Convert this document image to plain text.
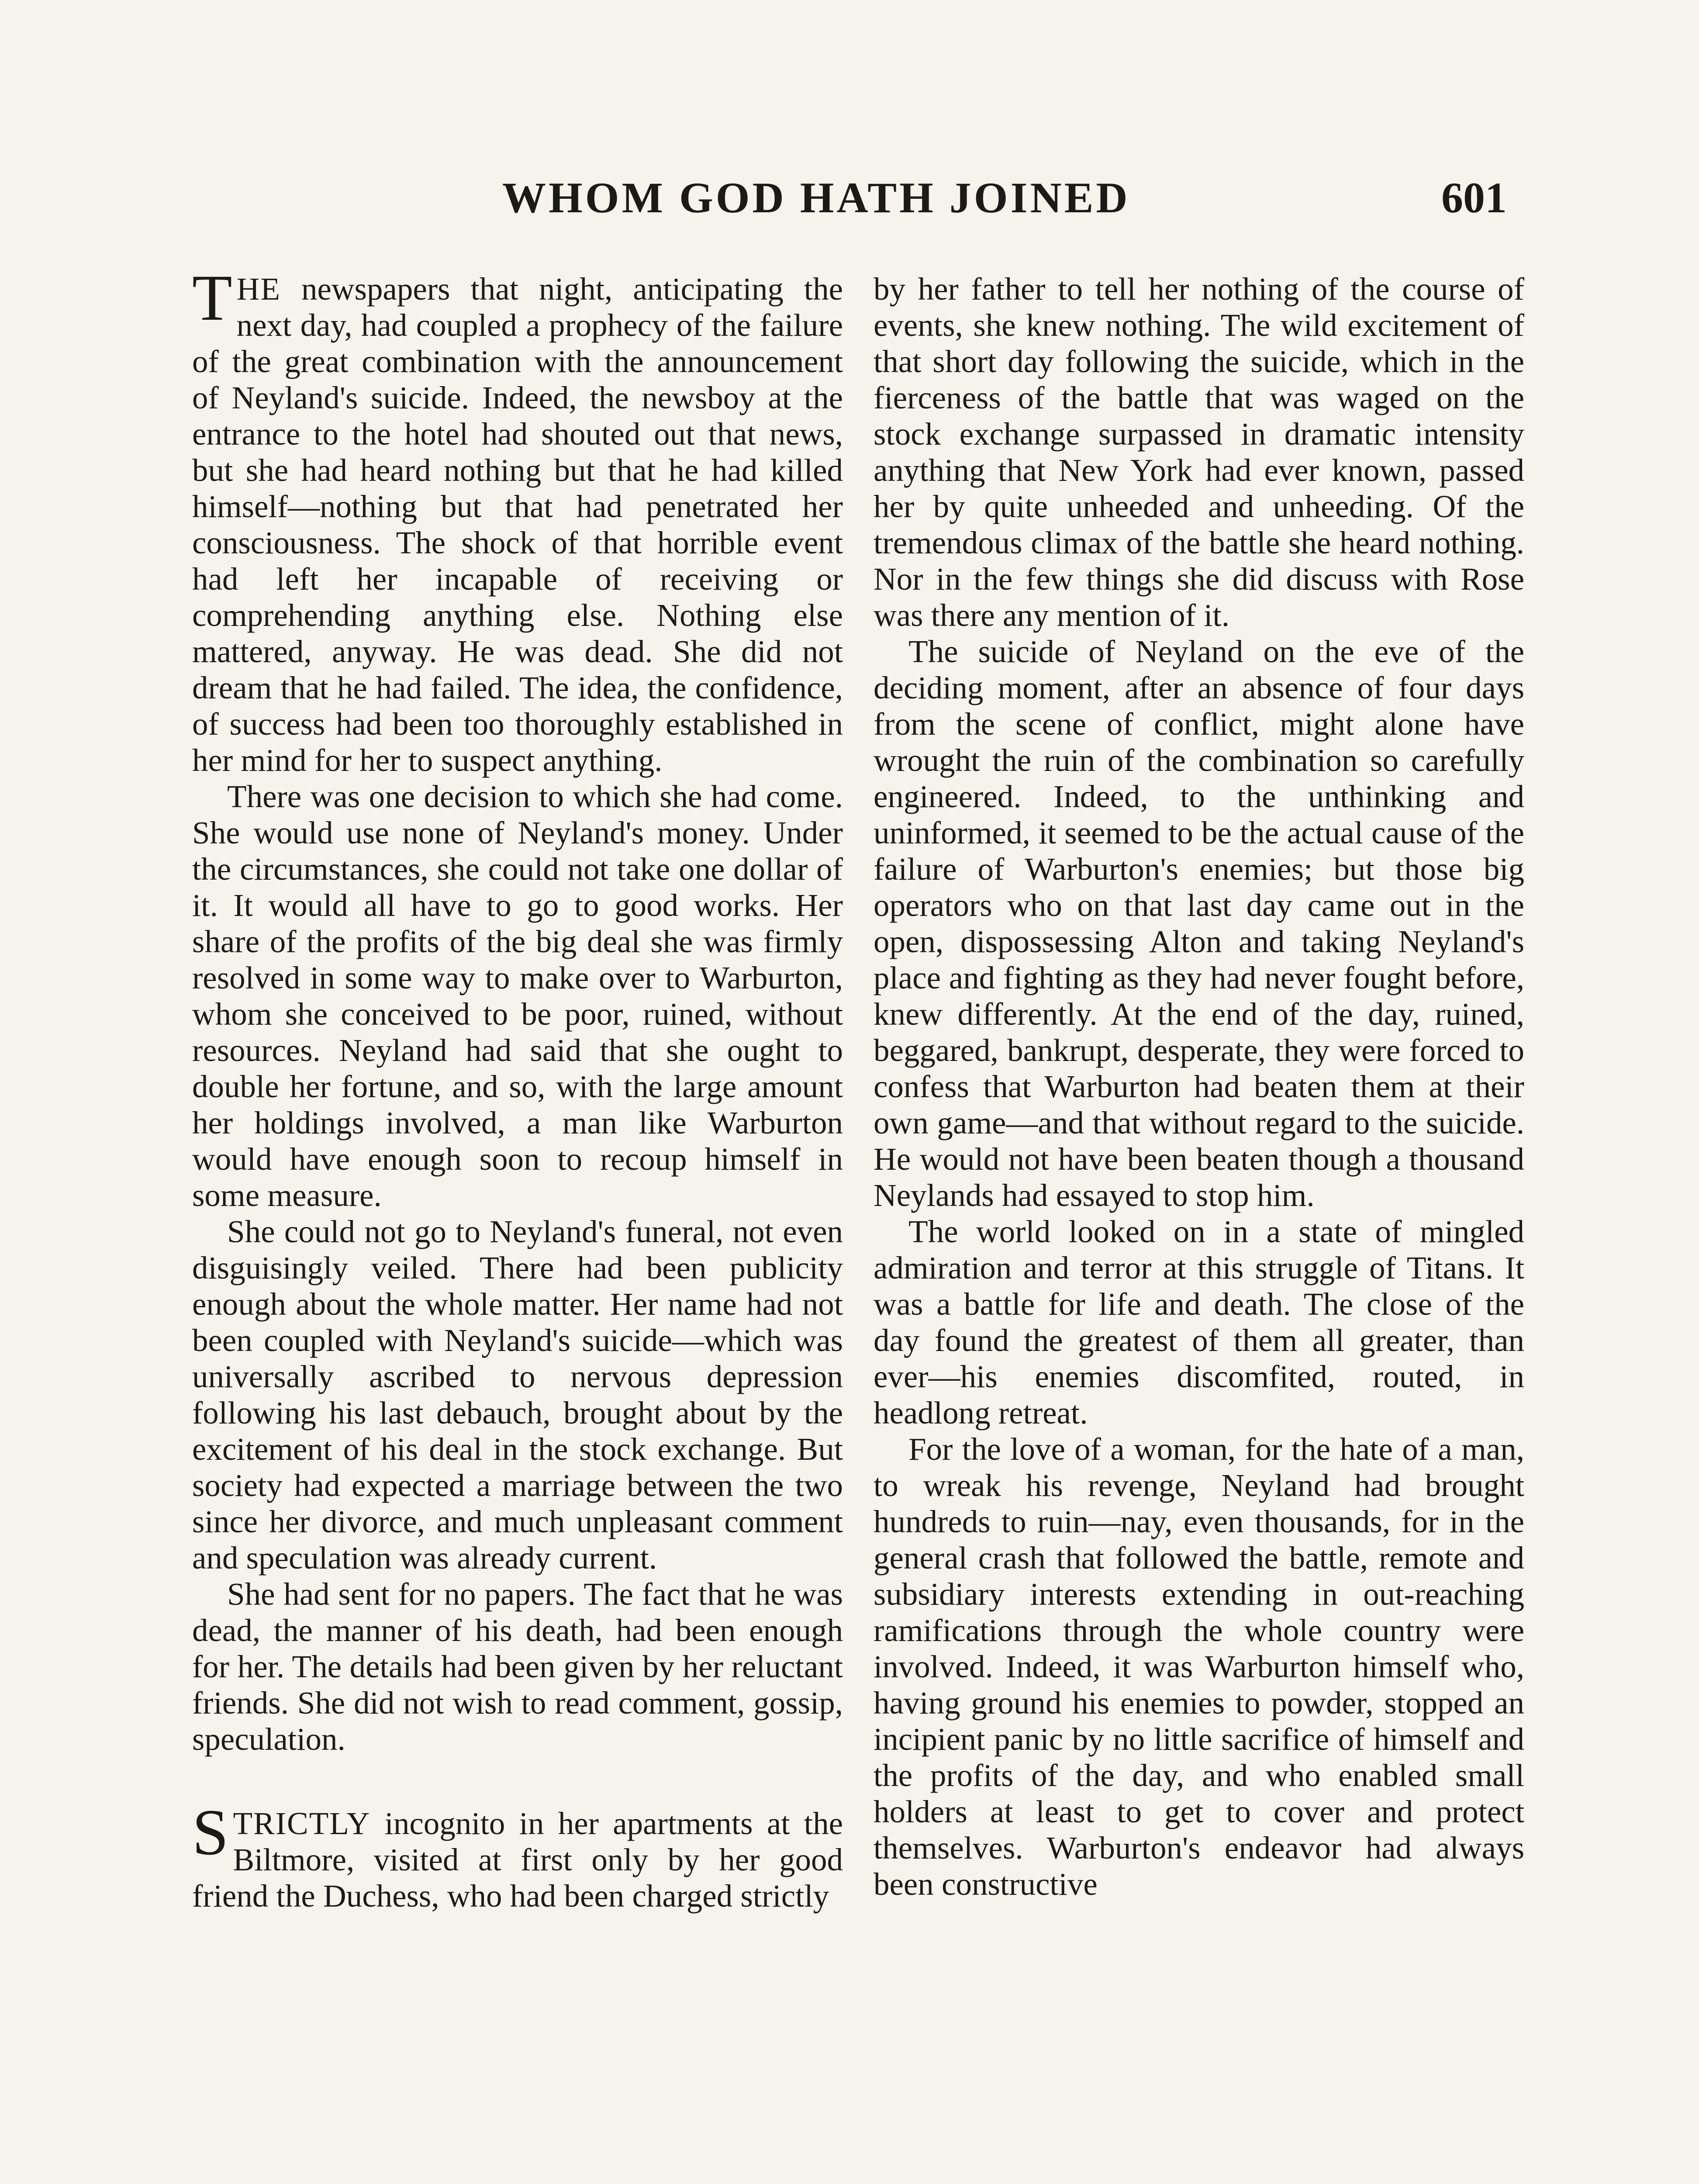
WHOM GOD HATH JOINED	601

THE newspapers that night, anticipating the next day, had coupled a prophecy of the failure of the great combination with the announcement of Neyland's suicide. Indeed, the newsboy at the entrance to the hotel had shouted out that news, but she had heard nothing but that he had killed himself—nothing but that had penetrated her consciousness. The shock of that horrible event had left her incapable of receiving or comprehending anything else. Nothing else mattered, anyway. He was dead. She did not dream that he had failed. The idea, the confidence, of success had been too thoroughly established in her mind for her to suspect anything.

There was one decision to which she had come. She would use none of Neyland's money. Under the circumstances, she could not take one dollar of it. It would all have to go to good works. Her share of the profits of the big deal she was firmly resolved in some way to make over to Warburton, whom she conceived to be poor, ruined, without resources. Neyland had said that she ought to double her fortune, and so, with the large amount her holdings involved, a man like Warburton would have enough soon to recoup himself in some measure.

She could not go to Neyland's funeral, not even disguisingly veiled. There had been publicity enough about the whole matter. Her name had not been coupled with Neyland's suicide—which was universally ascribed to nervous depression following his last debauch, brought about by the excitement of his deal in the stock exchange. But society had expected a marriage between the two since her divorce, and much unpleasant comment and speculation was already current.

She had sent for no papers. The fact that he was dead, the manner of his death, had been enough for her. The details had been given by her reluctant friends. She did not wish to read comment, gossip, speculation.

STRICTLY incognito in her apartments at the Biltmore, visited at first only by her good friend the Duchess, who had been charged strictly

by her father to tell her nothing of the course of events, she knew nothing. The wild excitement of that short day following the suicide, which in the fierceness of the battle that was waged on the stock exchange surpassed in dramatic intensity anything that New York had ever known, passed her by quite unheeded and unheeding. Of the tremendous climax of the battle she heard nothing. Nor in the few things she did discuss with Rose was there any mention of it.

The suicide of Neyland on the eve of the deciding moment, after an absence of four days from the scene of conflict, might alone have wrought the ruin of the combination so carefully engineered. Indeed, to the unthinking and uninformed, it seemed to be the actual cause of the failure of Warburton's enemies; but those big operators who on that last day came out in the open, dispossessing Alton and taking Neyland's place and fighting as they had never fought before, knew differently. At the end of the day, ruined, beggared, bankrupt, desperate, they were forced to confess that Warburton had beaten them at their own game—and that without regard to the suicide. He would not have been beaten though a thousand Neylands had essayed to stop him.

The world looked on in a state of mingled admiration and terror at this struggle of Titans. It was a battle for life and death. The close of the day found the greatest of them all greater, than ever—his enemies discomfited, routed, in headlong retreat.

For the love of a woman, for the hate of a man, to wreak his revenge, Neyland had brought hundreds to ruin—nay, even thousands, for in the general crash that followed the battle, remote and subsidiary interests extending in out-reaching ramifications through the whole country were involved. Indeed, it was Warburton himself who, having ground his enemies to powder, stopped an incipient panic by no little sacrifice of himself and the profits of the day, and who enabled small holders at least to get to cover and protect themselves. Warburton's endeavor had always been constructive
